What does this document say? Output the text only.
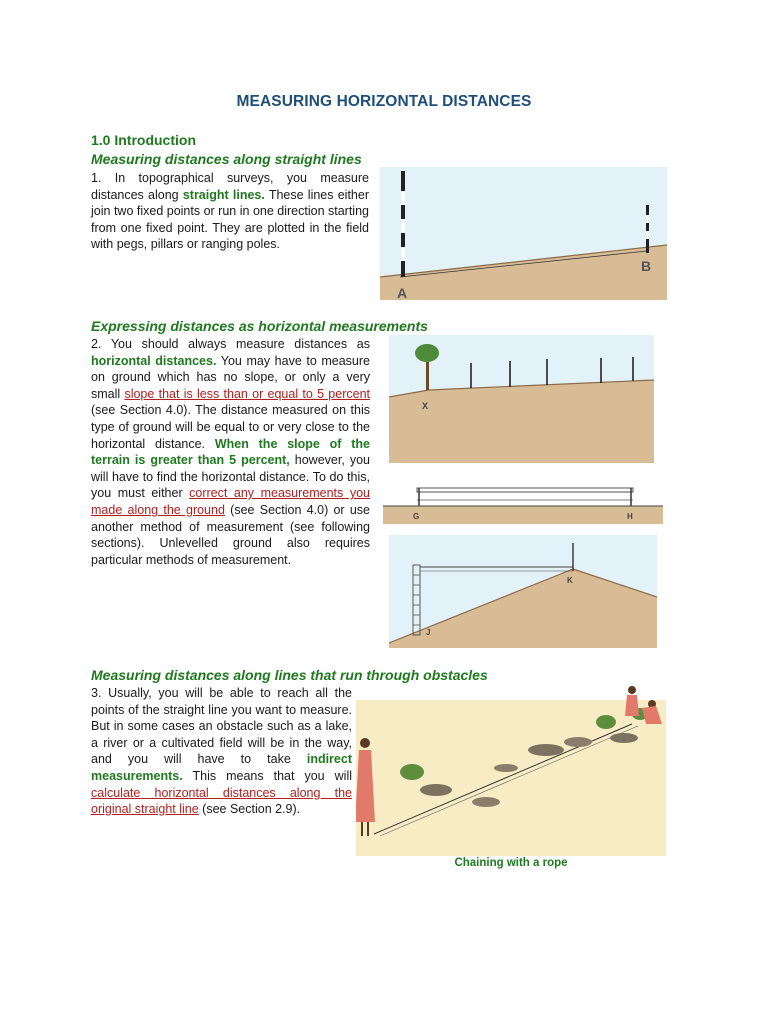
MEASURING HORIZONTAL DISTANCES
1.0 Introduction
Measuring distances along straight lines
1. In topographical surveys, you measure distances along straight lines. These lines either join two fixed points or run in one direction starting from one fixed point. They are plotted in the field with pegs, pillars or ranging poles.
A
B
Expressing distances as horizontal measurements
2. You should always measure distances as horizontal distances. You may have to measure on ground which has no slope, or only a very small slope that is less than or equal to 5 percent (see Section 4.0). The distance measured on this type of ground will be equal to or very close to the horizontal distance. When the slope of the terrain is greater than 5 percent, however, you will have to find the horizontal distance. To do this, you must either correct any measurements you made along the ground (see Section 4.0) or use another method of measurement (see following sections). Unlevelled ground also requires particular methods of measurement.
X
G	H
J
K
Measuring distances along lines that run through obstacles
3. Usually, you will be able to reach all the points of the straight line you want to measure. But in some cases an obstacle such as a lake, a river or a cultivated field will be in the way, and you will have to take indirect measurements. This means that you will calculate horizontal distances along the original straight line (see Section 2.9).
Chaining with a rope
